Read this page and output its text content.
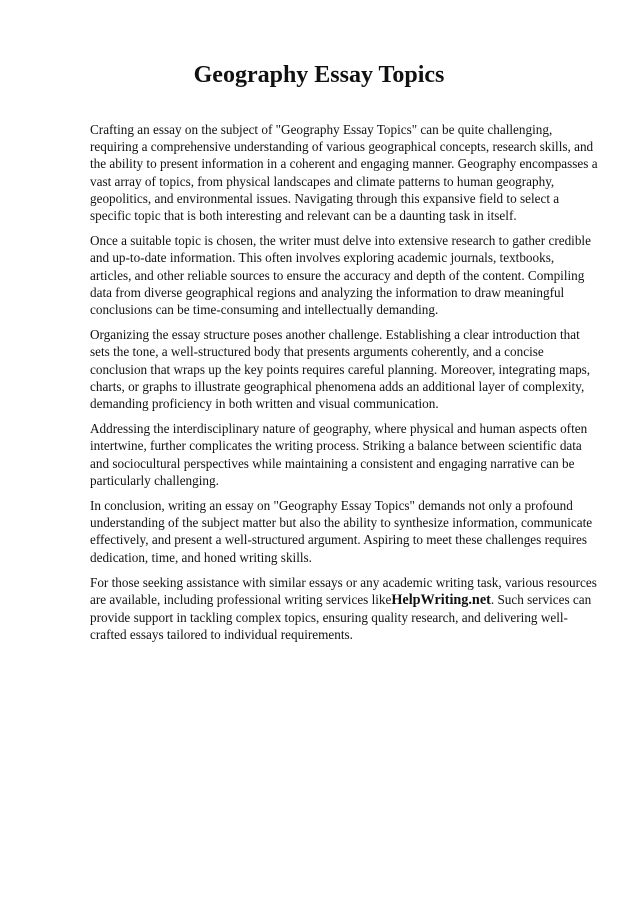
Geography Essay Topics

Crafting an essay on the subject of "Geography Essay Topics" can be quite challenging, requiring a comprehensive understanding of various geographical concepts, research skills, and the ability to present information in a coherent and engaging manner. Geography encompasses a vast array of topics, from physical landscapes and climate patterns to human geography, geopolitics, and environmental issues. Navigating through this expansive field to select a specific topic that is both interesting and relevant can be a daunting task in itself.

Once a suitable topic is chosen, the writer must delve into extensive research to gather credible and up-to-date information. This often involves exploring academic journals, textbooks, articles, and other reliable sources to ensure the accuracy and depth of the content. Compiling data from diverse geographical regions and analyzing the information to draw meaningful conclusions can be time-consuming and intellectually demanding.

Organizing the essay structure poses another challenge. Establishing a clear introduction that sets the tone, a well-structured body that presents arguments coherently, and a concise conclusion that wraps up the key points requires careful planning. Moreover, integrating maps, charts, or graphs to illustrate geographical phenomena adds an additional layer of complexity, demanding proficiency in both written and visual communication.

Addressing the interdisciplinary nature of geography, where physical and human aspects often intertwine, further complicates the writing process. Striking a balance between scientific data and sociocultural perspectives while maintaining a consistent and engaging narrative can be particularly challenging.

In conclusion, writing an essay on "Geography Essay Topics" demands not only a profound understanding of the subject matter but also the ability to synthesize information, communicate effectively, and present a well-structured argument. Aspiring to meet these challenges requires dedication, time, and honed writing skills.

For those seeking assistance with similar essays or any academic writing task, various resources are available, including professional writing services likeHelpWriting.net. Such services can provide support in tackling complex topics, ensuring quality research, and delivering well-crafted essays tailored to individual requirements.
